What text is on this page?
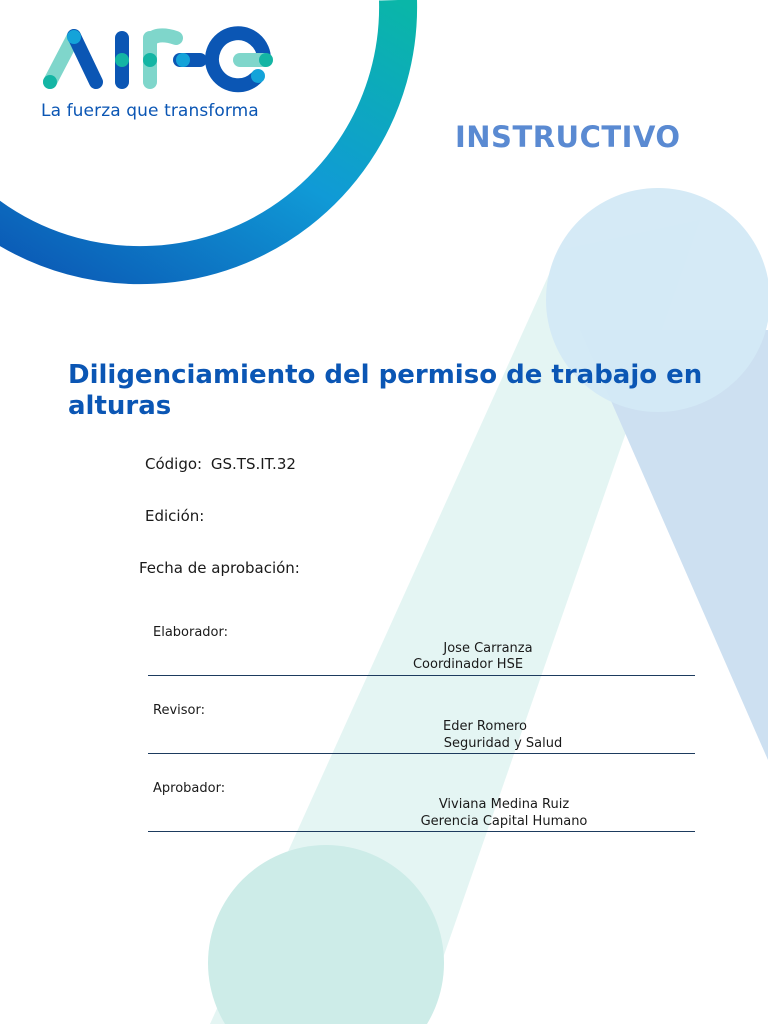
La fuerza que transforma
INSTRUCTIVO
Diligenciamiento del permiso de trabajo en alturas
Código: GS.TS.IT.32
Edición:
Fecha de aprobación:
Elaborador:
Jose Carranza
Coordinador HSE
Revisor:
Eder Romero
Seguridad y Salud
Aprobador:
Viviana Medina Ruiz
Gerencia Capital Humano
